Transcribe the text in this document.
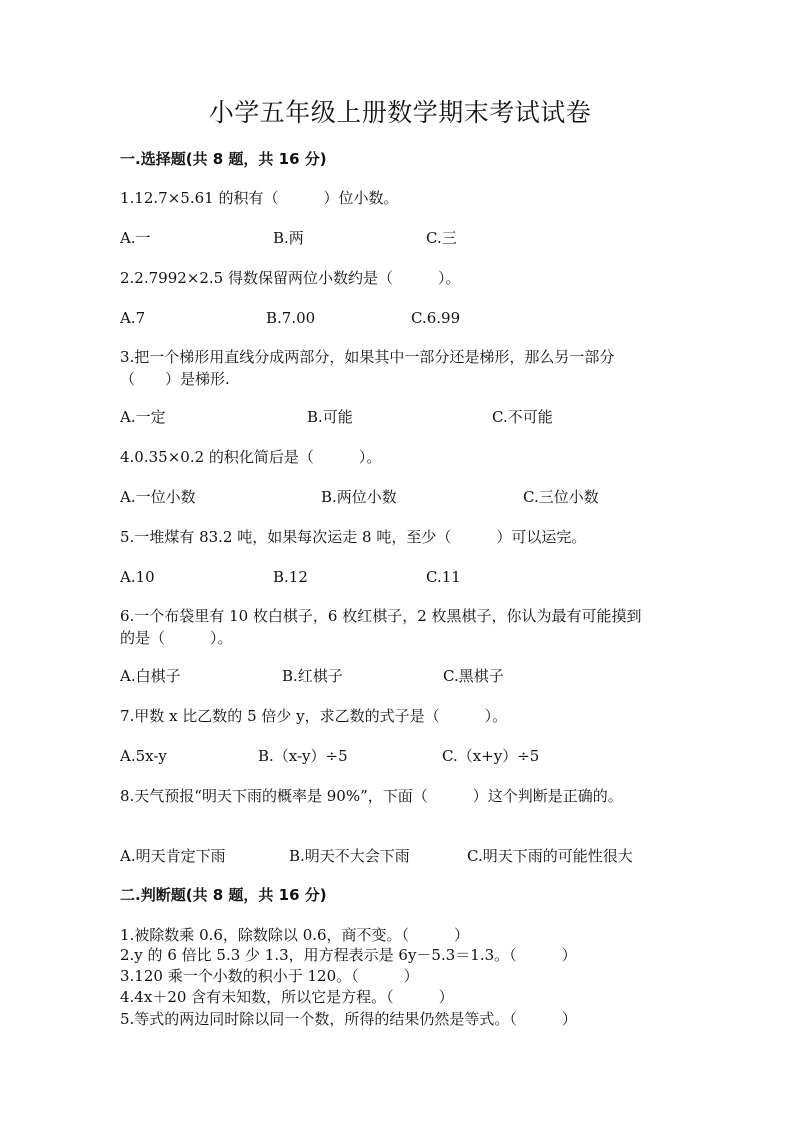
小学五年级上册数学期末考试试卷
一.选择题(共 8 题，共 16 分)
1.12.7×5.61 的积有（　　　）位小数。
A.一	B.两	C.三
2.2.7992×2.5 得数保留两位小数约是（　　　）。
A.7	B.7.00	C.6.99
3.把一个梯形用直线分成两部分，如果其中一部分还是梯形，那么另一部分
（　　）是梯形.
A.一定	B.可能	C.不可能
4.0.35×0.2 的积化简后是（　　　）。
A.一位小数	B.两位小数	C.三位小数
5.一堆煤有 83.2 吨，如果每次运走 8 吨，至少（　　　）可以运完。
A.10	B.12	C.11
6.一个布袋里有 10 枚白棋子，6 枚红棋子，2 枚黑棋子，你认为最有可能摸到
的是（　　　）。
A.白棋子	B.红棋子	C.黑棋子
7.甲数 x 比乙数的 5 倍少 y，求乙数的式子是（　　　）。
A.5x-y	B.（x-y）÷5	C.（x+y）÷5
8.天气预报“明天下雨的概率是 90%”，下面（　　　）这个判断是正确的。
A.明天肯定下雨	B.明天不大会下雨	C.明天下雨的可能性很大
二.判断题(共 8 题，共 16 分)
1.被除数乘 0.6，除数除以 0.6，商不变。（　　　）
2.y 的 6 倍比 5.3 少 1.3，用方程表示是 6y－5.3＝1.3。（　　　）
3.120 乘一个小数的积小于 120。（　　　）
4.4x＋20 含有未知数，所以它是方程。（　　　）
5.等式的两边同时除以同一个数，所得的结果仍然是等式。（　　　）
